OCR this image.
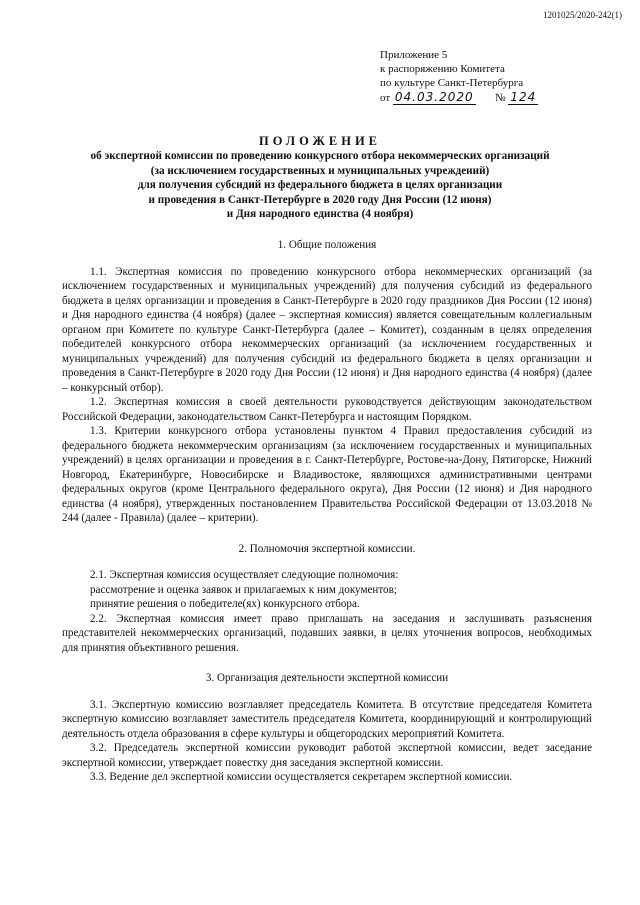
1201025/2020-242(1)
Приложение 5
к распоряжению Комитета
по культуре Санкт-Петербурга
от 04.03.2020 № 124
ПОЛОЖЕНИЕ
об экспертной комиссии по проведению конкурсного отбора некоммерческих организаций
(за исключением государственных и муниципальных учреждений)
для получения субсидий из федерального бюджета в целях организации
и проведения в Санкт-Петербурге в 2020 году Дня России (12 июня)
и Дня народного единства (4 ноября)
1. Общие положения

1.1. Экспертная комиссия по проведению конкурсного отбора некоммерческих организаций (за исключением государственных и муниципальных учреждений) для получения субсидий из федерального бюджета в целях организации и проведения в Санкт-Петербурге в 2020 году праздников Дня России (12 июня) и Дня народного единства (4 ноября) (далее – экспертная комиссия) является совещательным коллегиальным органом при Комитете по культуре Санкт-Петербурга (далее – Комитет), созданным в целях определения победителей конкурсного отбора некоммерческих организаций (за исключением государственных и муниципальных учреждений) для получения субсидий из федерального бюджета в целях организации и проведения в Санкт-Петербурге в 2020 году Дня России (12 июня) и Дня народного единства (4 ноября) (далее – конкурсный отбор).

1.2. Экспертная комиссия в своей деятельности руководствуется действующим законодательством Российской Федерации, законодательством Санкт-Петербурга и настоящим Порядком.

1.3. Критерии конкурсного отбора установлены пунктом 4 Правил предоставления субсидий из федерального бюджета некоммерческим организациям (за исключением государственных и муниципальных учреждений) в целях организации и проведения в г. Санкт-Петербурге, Ростове-на-Дону, Пятигорске, Нижний Новгород, Екатеринбурге, Новосибирске и Владивостоке, являющихся административными центрами федеральных округов (кроме Центрального федерального округа), Дня России (12 июня) и Дня народного единства (4 ноября), утвержденных постановлением Правительства Российской Федерации от 13.03.2018 № 244 (далее - Правила) (далее – критерии).

2. Полномочия экспертной комиссии.

2.1. Экспертная комиссия осуществляет следующие полномочия:

рассмотрение и оценка заявок и прилагаемых к ним документов;

принятие решения о победителе(ях) конкурсного отбора.

2.2. Экспертная комиссия имеет право приглашать на заседания и заслушивать разъяснения представителей некоммерческих организаций, подавших заявки, в целях уточнения вопросов, необходимых для принятия объективного решения.

3. Организация деятельности экспертной комиссии

3.1. Экспертную комиссию возглавляет председатель Комитета. В отсутствие председателя Комитета экспертную комиссию возглавляет заместитель председателя Комитета, координирующий и контролирующий деятельность отдела образования в сфере культуры и общегородских мероприятий Комитета.

3.2. Председатель экспертной комиссии руководит работой экспертной комиссии, ведет заседание экспертной комиссии, утверждает повестку дня заседания экспертной комиссии.

3.3. Ведение дел экспертной комиссии осуществляется секретарем экспертной комиссии.
